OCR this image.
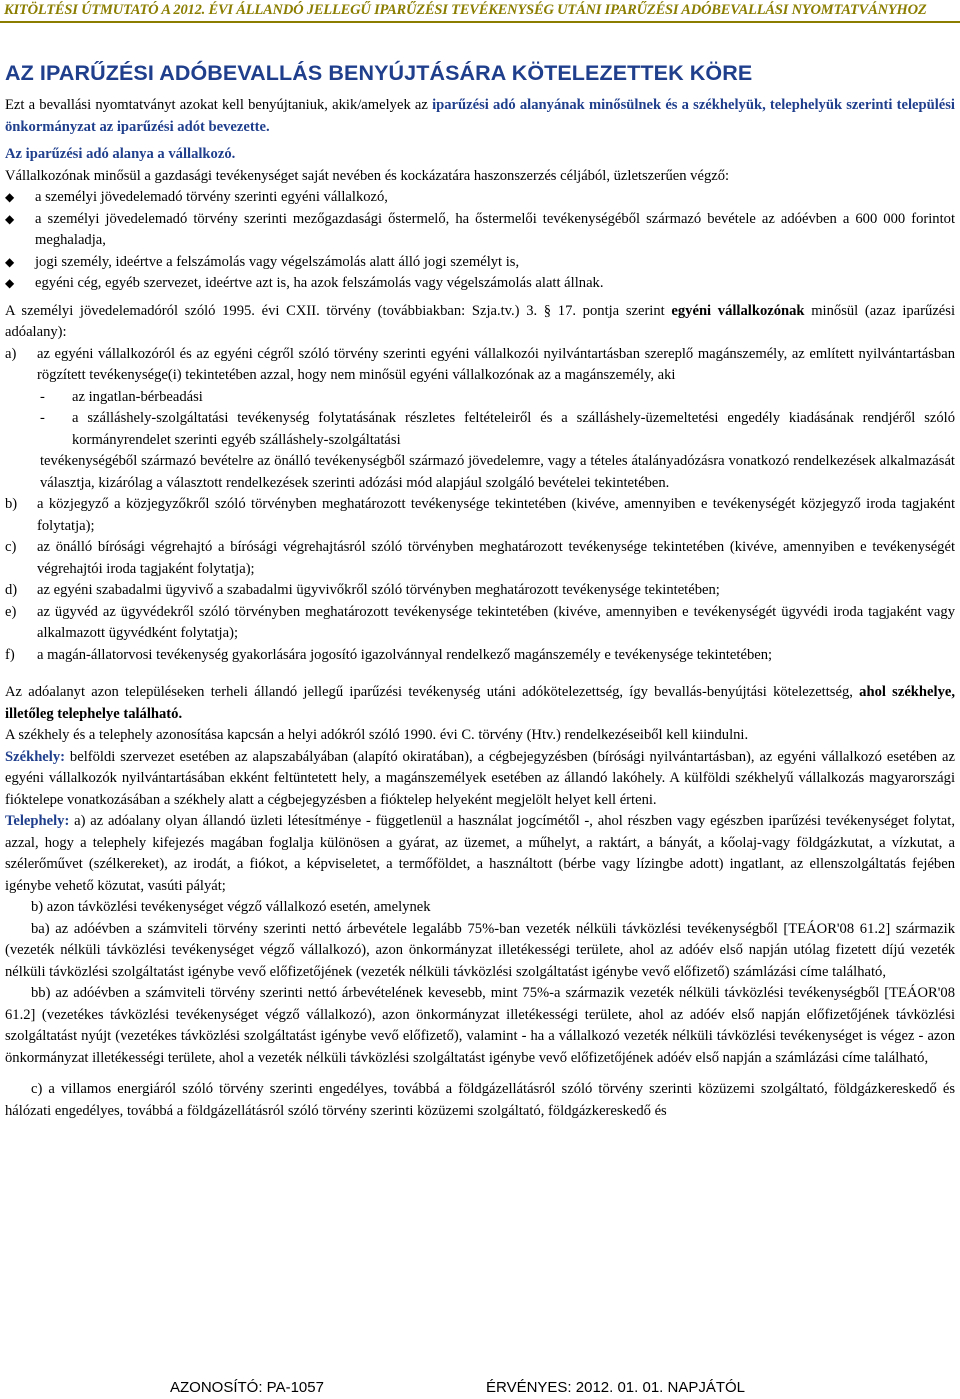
KITÖLTÉSI ÚTMUTATÓ A 2012. ÉVI ÁLLANDÓ JELLEGŰ IPARŰZÉSI TEVÉKENYSÉG UTÁNI IPARŰZÉSI ADÓBEVALLÁSI NYOMTATVÁNYHOZ
AZ IPARŰZÉSI ADÓBEVALLÁS BENYÚJTÁSÁRA KÖTELEZETTEK KÖRE

Ezt a bevallási nyomtatványt azokat kell benyújtaniuk, akik/amelyek az iparűzési adó alanyának minősülnek és a székhelyük, telephelyük szerinti települési önkormányzat az iparűzési adót bevezette.

Az iparűzési adó alanya a vállalkozó.

Vállalkozónak minősül a gazdasági tevékenységet saját nevében és kockázatára haszonszerzés céljából, üzletszerűen végző:

◆ a személyi jövedelemadó törvény szerinti egyéni vállalkozó,
◆ a személyi jövedelemadó törvény szerinti mezőgazdasági őstermelő, ha őstermelői tevékenységéből származó bevétele az adóévben a 600 000 forintot meghaladja,
◆ jogi személy, ideértve a felszámolás vagy végelszámolás alatt álló jogi személyt is,
◆ egyéni cég, egyéb szervezet, ideértve azt is, ha azok felszámolás vagy végelszámolás alatt állnak.

A személyi jövedelemadóról szóló 1995. évi CXII. törvény (továbbiakban: Szja.tv.) 3. § 17. pontja szerint egyéni vállalkozónak minősül (azaz iparűzési adóalany):

a) az egyéni vállalkozóról és az egyéni cégről szóló törvény szerinti egyéni vállalkozói nyilvántartásban szereplő magánszemély, az említett nyilvántartásban rögzített tevékenysége(i) tekintetében azzal, hogy nem minősül egyéni vállalkozónak az a magánszemély, aki
- az ingatlan-bérbeadási
- a szálláshely-szolgáltatási tevékenység folytatásának részletes feltételeiről és a szálláshely-üzemeltetési engedély kiadásának rendjéről szóló kormányrendelet szerinti egyéb szálláshely-szolgáltatási

tevékenységéből származó bevételre az önálló tevékenységből származó jövedelemre, vagy a tételes átalányadózásra vonatkozó rendelkezések alkalmazását választja, kizárólag a választott rendelkezések szerinti adózási mód alapjául szolgáló bevételei tekintetében.

b) a közjegyző a közjegyzőkről szóló törvényben meghatározott tevékenysége tekintetében (kivéve, amennyiben e tevékenységét közjegyző iroda tagjaként folytatja);
c) az önálló bírósági végrehajtó a bírósági végrehajtásról szóló törvényben meghatározott tevékenysége tekintetében (kivéve, amennyiben e tevékenységét végrehajtói iroda tagjaként folytatja);
d) az egyéni szabadalmi ügyvivő a szabadalmi ügyvivőkről szóló törvényben meghatározott tevékenysége tekintetében;
e) az ügyvéd az ügyvédekről szóló törvényben meghatározott tevékenysége tekintetében (kivéve, amennyiben e tevékenységét ügyvédi iroda tagjaként vagy alkalmazott ügyvédként folytatja);
f) a magán-állatorvosi tevékenység gyakorlására jogosító igazolvánnyal rendelkező magánszemély e tevékenysége tekintetében;

Az adóalanyt azon településeken terheli állandó jellegű iparűzési tevékenység utáni adókötelezettség, így bevallás-benyújtási kötelezettség, ahol székhelye, illetőleg telephelye található.

A székhely és a telephely azonosítása kapcsán a helyi adókról szóló 1990. évi C. törvény (Htv.) rendelkezéseiből kell kiindulni.

Székhely: belföldi szervezet esetében az alapszabályában (alapító okiratában), a cégbejegyzésben (bírósági nyilvántartásban), az egyéni vállalkozó esetében az egyéni vállalkozók nyilvántartásában ekként feltüntetett hely, a magánszemélyek esetében az állandó lakóhely. A külföldi székhelyű vállalkozás magyarországi fióktelepe vonatkozásában a székhely alatt a cégbejegyzésben a fióktelep helyeként megjelölt helyet kell érteni.

Telephely: a) az adóalany olyan állandó üzleti létesítménye - függetlenül a használat jogcímétől -, ahol részben vagy egészben iparűzési tevékenységet folytat, azzal, hogy a telephely kifejezés magában foglalja különösen a gyárat, az üzemet, a műhelyt, a raktárt, a bányát, a kőolaj-vagy földgázkutat, a vízkutat, a szélerőművet (szélkereket), az irodát, a fiókot, a képviseletet, a termőföldet, a használtott (bérbe vagy lízingbe adott) ingatlant, az ellenszolgáltatás fejében igénybe vehető közutat, vasúti pályát;

b) azon távközlési tevékenységet végző vállalkozó esetén, amelynek

ba) az adóévben a számviteli törvény szerinti nettó árbevétele legalább 75%-ban vezeték nélküli távközlési tevékenységből [TEÁOR'08 61.2] származik (vezeték nélküli távközlési tevékenységet végző vállalkozó), azon önkormányzat illetékességi területe, ahol az adóév első napján utólag fizetett díjú vezeték nélküli távközlési szolgáltatást igénybe vevő előfizetőjének (vezeték nélküli távközlési szolgáltatást igénybe vevő előfizető) számlázási címe található,

bb) az adóévben a számviteli törvény szerinti nettó árbevételének kevesebb, mint 75%-a származik vezeték nélküli távközlési tevékenységből [TEÁOR'08 61.2] (vezetékes távközlési tevékenységet végző vállalkozó), azon önkormányzat illetékességi területe, ahol az adóév első napján előfizetőjének távközlési szolgáltatást nyújt (vezetékes távközlési szolgáltatást igénybe vevő előfizető), valamint - ha a vállalkozó vezeték nélküli távközlési tevékenységet is végez - azon önkormányzat illetékességi területe, ahol a vezeték nélküli távközlési szolgáltatást igénybe vevő előfizetőjének adóév első napján a számlázási címe található,

c) a villamos energiáról szóló törvény szerinti engedélyes, továbbá a földgázellátásról szóló törvény szerinti közüzemi szolgáltató, földgázkereskedő és hálózati engedélyes, továbbá a földgázellátásról szóló törvény szerinti közüzemi szolgáltató, földgázkereskedő és

AZONOSÍTÓ: PA-1057	ÉRVÉNYES: 2012. 01. 01. NAPJÁTÓL
